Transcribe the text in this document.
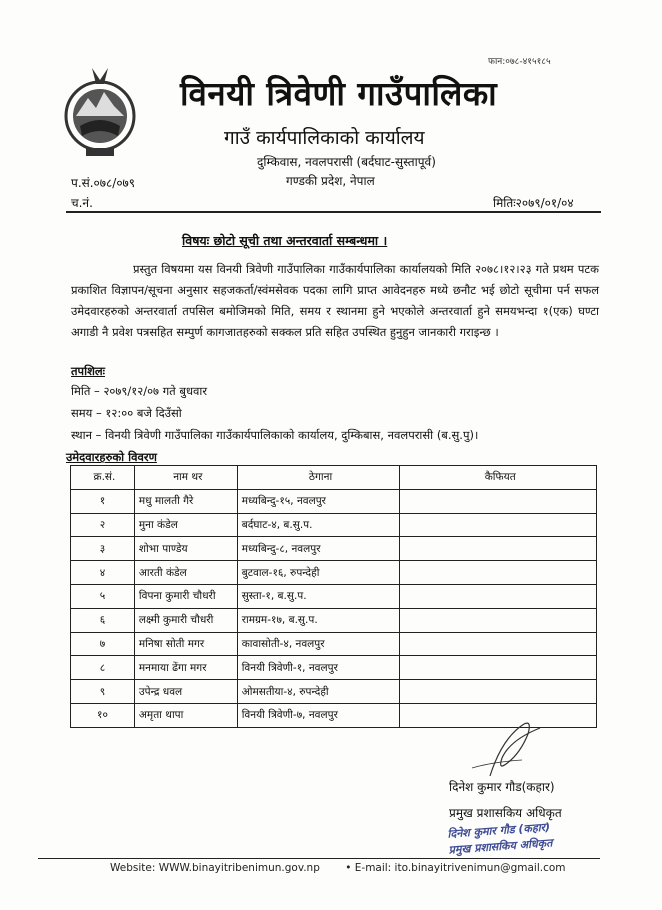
फान:०७८-४१५१८५
विनयी त्रिवेणी गाउँपालिका
गाउँ कार्यपालिकाको कार्यालय
दुम्किवास, नवलपरासी (बर्दघाट-सुस्तापूर्व)
गण्डकी प्रदेश, नेपाल
प.सं.०७८/०७९
च.नं.	मितिः२०७९/०१/०४
विषयः छोटो सूची तथा अन्तरवार्ता सम्बन्धमा ।

प्रस्तुत विषयमा यस विनयी त्रिवेणी गाउँपालिका गाउँकार्यपालिका कार्यालयको मिति २०७८।१२।२३ गते प्रथम पटक प्रकाशित विज्ञापन/सूचना अनुसार सहजकर्ता/स्वंमसेवक पदका लागि प्राप्त आवेदनहरु मध्ये छनौट भई छोटो सूचीमा पर्न सफल उमेदवारहरुको अन्तरवार्ता तपसिल बमोजिमको मिति, समय र स्थानमा हुने भएकोले अन्तरवार्ता हुने समयभन्दा १(एक) घण्टा अगाडी नै प्रवेश पत्रसहित सम्पुर्ण कागजातहरुको सक्कल प्रति सहित उपस्थित हुनुहुन जानकारी गराइन्छ ।

तपशिलः
मिति – २०७९/१२/०७ गते बुधवार
समय – १२:०० बजे दिउँसो
स्थान – विनयी त्रिवेणी गाउँपालिका गाउँकार्यपालिकाको कार्यालय, दुम्किबास, नवलपरासी (ब.सु.पु)।
उमेदवारहरुको विवरण
क्र.सं.	नाम थर	ठेगाना	कैफियत
१	मधु मालती गैरे	मध्यबिन्दु-१५, नवलपुर	
२	मुना कंडेल	बर्दघाट-४, ब.सु.प.	
३	शोभा पाण्डेय	मध्यबिन्दु-८, नवलपुर	
४	आरती कंडेल	बुटवाल-१६, रुपन्देही	
५	विपना कुमारी चौधरी	सुस्ता-१, ब.सु.प.	
६	लक्ष्मी कुमारी चौधरी	रामग्रम-१७, ब.सु.प.	
७	मनिषा सोती मगर	कावासोती-४, नवलपुर	
८	मनमाया ढेंगा मगर	विनयी त्रिवेणी-१, नवलपुर	
९	उपेन्द्र धवल	ओमसतीया-४, रुपन्देही	
१०	अमृता थापा	विनयी त्रिवेणी-७, नवलपुर	
दिनेश कुमार गौड(कहार)
प्रमुख प्रशासकिय अधिकृत
दिनेश कुमार गौड (कहार)
प्रमुख प्रशासकिय अधिकृत
Website: WWW.binayitribenimun.gov.np • E-mail: ito.binayitrivenimun@gmail.com
